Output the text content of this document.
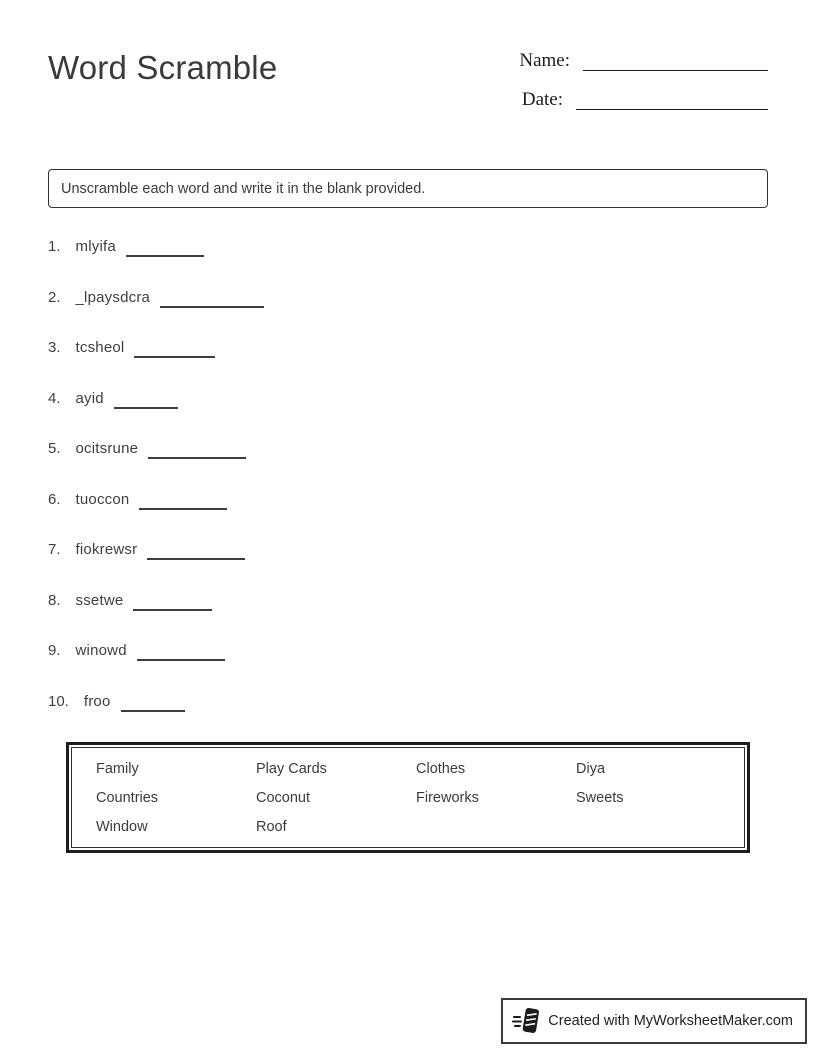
Word Scramble	Name:
Date:
Unscramble each word and write it in the blank provided.
1. mlyifa
2. _lpaysdcra
3. tcsheol
4. ayid
5. ocitsrune
6. tuoccon
7. fiokrewsr
8. ssetwe
9. winowd
10. froo
Family	Play Cards	Clothes	Diya
Countries	Coconut	Fireworks	Sweets
Window	Roof
Created with MyWorksheetMaker.com
